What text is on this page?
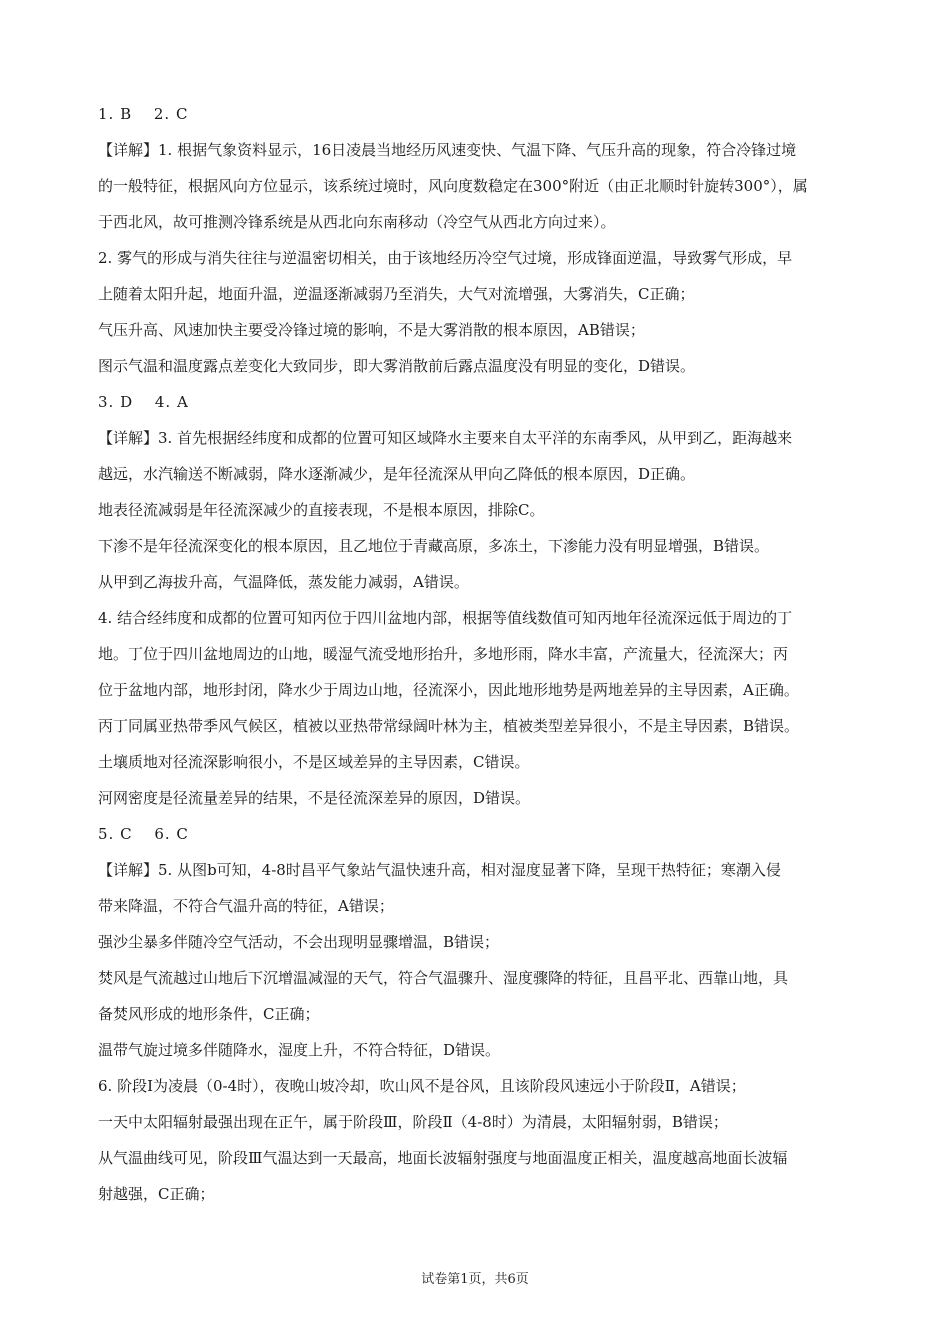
1. B　 2. C
【详解】1. 根据气象资料显示，16日凌晨当地经历风速变快、气温下降、气压升高的现象，符合冷锋过境
的一般特征，根据风向方位显示，该系统过境时，风向度数稳定在300°附近（由正北顺时针旋转300°），属
于西北风，故可推测冷锋系统是从西北向东南移动（冷空气从西北方向过来）。
2. 雾气的形成与消失往往与逆温密切相关，由于该地经历冷空气过境，形成锋面逆温，导致雾气形成，早
上随着太阳升起，地面升温，逆温逐渐减弱乃至消失，大气对流增强，大雾消失，C正确；
气压升高、风速加快主要受冷锋过境的影响，不是大雾消散的根本原因，AB错误；
图示气温和温度露点差变化大致同步，即大雾消散前后露点温度没有明显的变化，D错误。
3. D　 4. A
【详解】3. 首先根据经纬度和成都的位置可知区域降水主要来自太平洋的东南季风，从甲到乙，距海越来
越远，水汽输送不断减弱，降水逐渐减少，是年径流深从甲向乙降低的根本原因，D正确。
地表径流减弱是年径流深减少的直接表现，不是根本原因，排除C。
下渗不是年径流深变化的根本原因，且乙地位于青藏高原，多冻土，下渗能力没有明显增强，B错误。
从甲到乙海拔升高，气温降低，蒸发能力减弱，A错误。
4. 结合经纬度和成都的位置可知丙位于四川盆地内部，根据等值线数值可知丙地年径流深远低于周边的丁
地。丁位于四川盆地周边的山地，暖湿气流受地形抬升，多地形雨，降水丰富，产流量大，径流深大；丙
位于盆地内部，地形封闭，降水少于周边山地，径流深小，因此地形地势是两地差异的主导因素，A正确。
丙丁同属亚热带季风气候区，植被以亚热带常绿阔叶林为主，植被类型差异很小，不是主导因素，B错误。
土壤质地对径流深影响很小，不是区域差异的主导因素，C错误。
河网密度是径流量差异的结果，不是径流深差异的原因，D错误。
5. C　 6. C
【详解】5. 从图b可知，4-8时昌平气象站气温快速升高，相对湿度显著下降，呈现干热特征；寒潮入侵
带来降温，不符合气温升高的特征，A错误；
强沙尘暴多伴随冷空气活动，不会出现明显骤增温，B错误；
焚风是气流越过山地后下沉增温减湿的天气，符合气温骤升、湿度骤降的特征，且昌平北、西靠山地，具
备焚风形成的地形条件，C正确；
温带气旋过境多伴随降水，湿度上升，不符合特征，D错误。
6. 阶段Ⅰ为凌晨（0-4时），夜晚山坡冷却，吹山风不是谷风，且该阶段风速远小于阶段Ⅱ，A错误；
一天中太阳辐射最强出现在正午，属于阶段Ⅲ，阶段Ⅱ（4-8时）为清晨，太阳辐射弱，B错误；
从气温曲线可见，阶段Ⅲ气温达到一天最高，地面长波辐射强度与地面温度正相关，温度越高地面长波辐
射越强，C正确；
试卷第1页，共6页
